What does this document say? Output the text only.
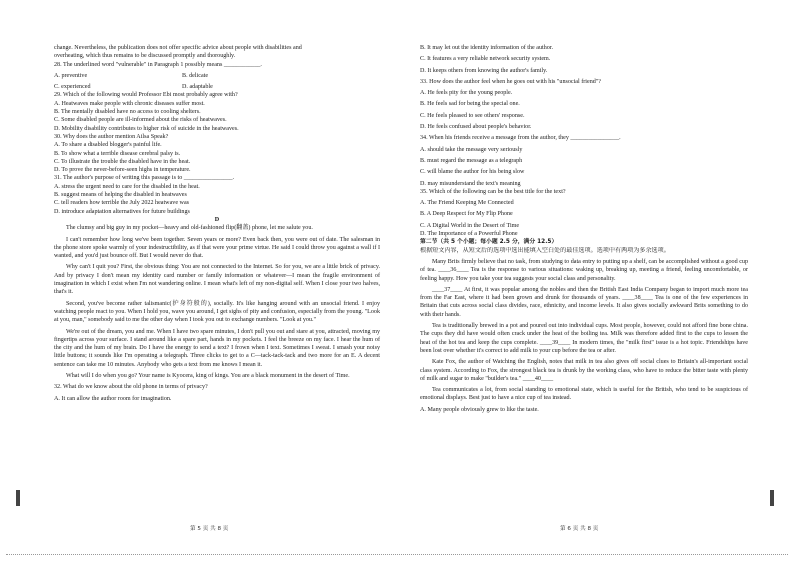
change. Nevertheless, the publication does not offer specific advice about people with disabilities and
overheating, which thus remains to be discussed promptly and thoroughly.
28. The underlined word "vulnerable" in Paragraph 1 possibly means ____________.
A. preventive	B. delicate
C. experienced	D. adaptable
29. Which of the following would Professor Ebi most probably agree with?
A. Heatwaves make people with chronic diseases suffer most.
B. The mentally disabled have no access to cooling shelters.
C. Some disabled people are ill-informed about the risks of heatwaves.
D. Mobility disability contributes to higher risk of suicide in the heatwaves.
30. Why does the author mention Ailsa Speak?
A. To share a disabled blogger's painful life.
B. To show what a terrible disease cerebral palsy is.
C. To illustrate the trouble the disabled have in the heat.
D. To prove the never-before-seen highs in temperature.
31. The author's purpose of writing this passage is to ________________.
A. stress the urgent need to care for the disabled in the heat.
B. suggest means of helping the disabled in heatwaves
C. tell readers how terrible the July 2022 heatwave was
D. introduce adaptation alternatives for future buildings
D
The clumsy and big guy in my pocket—heavy and old-fashioned flip(翻盖) phone, let me salute you.
I can't remember how long we've been together. Seven years or more? Even back then, you were out of date. The salesman in the phone store spoke warmly of your indestructibility, as if that were your prime virtue. He said I could throw you against a wall if I wanted, and you'd just bounce off. But I would never do that.
Why can't I quit you? First, the obvious thing: You are not connected to the Internet. So for you, we are a little brick of privacy. And by privacy I don't mean my identity card number or family information or whatever—I mean the fragile environment of imagination in which I exist when I'm not wandering online. I mean what's left of my non-digital self. When I close your two halves, that's it.
Second, you've become rather talismanic(护身符般的), socially. It's like hanging around with an unsocial friend. I enjoy watching people react to you. When I hold you, wave you around, I get sighs of pity and confusion, especially from the young. "Look at you, man," somebody said to me the other day when I took you out to exchange numbers. "Look at you."
We're out of the dream, you and me. When I have two spare minutes, I don't pull you out and stare at you, attracted, moving my fingertips across your surface. I stand around like a spare part, hands in my pockets. I feel the breeze on my face. I hear the hum of the city and the hum of my brain. Do I have the energy to send a text? I frown when I text. Sometimes I sweat. I smash your noisy little buttons; it sounds like I'm operating a telegraph. Three clicks to get to a C—tack-tack-tack and two more for an E. A decent sentence can take me 10 minutes. Anybody who gets a text from me knows I mean it.
What will I do when you go? Your name is Kyocera, king of kings. You are a black monument in the desert of Time.
32. What do we know about the old phone in terms of privacy?
A. It can allow the author room for imagination.
B. It may let out the identity information of the author.
C. It features a very reliable network security system.
D. It keeps others from knowing the author's family.
33. How does the author feel when he goes out with his "unsocial friend"?
A. He feels pity for the young people.
B. He feels sad for being the special one.
C. He feels pleased to see others' response.
D. He feels confused about people's behavior.
34. When his friends receive a message from the author, they ________________.
A. should take the message very seriously
B. must regard the message as a telegraph
C. will blame the author for his being slow
D. may misunderstand the text's meaning
35. Which of the following can be the best title for the text?
A. The Friend Keeping Me Connected
B. A Deep Respect for My Flip Phone
C. A Digital World in the Desert of Time
D. The Importance of a Powerful Phone
第二节（共 5 个小题；每小题 2.5 分，满分 12.5）
根据短文内容，从短文后的选项中选出能填入空白处的最佳选项。选项中有两项为多余选项。
Many Brits firmly believe that no task, from studying to data entry to putting up a shelf, can be accomplished without a good cup of tea. ____36____ Tea is the response to various situations: waking up, breaking up, meeting a friend, feeling uncomfortable, or feeling happy. How you take your tea suggests your social class and personality.
____37____ At first, it was popular among the nobles and then the British East India Company began to import much more tea from the Far East, where it had been grown and drunk for thousands of years. ____38____ Tea is one of the few experiences in Britain that cuts across social class divides, race, ethnicity, and income levels. It also gives socially awkward Brits something to do with their hands.
Tea is traditionally brewed in a pot and poured out into individual cups. Most people, however, could not afford fine bone china. The cups they did have would often crack under the heat of the boiling tea. Milk was therefore added first to the cups to lessen the heat of the hot tea and keep the cups complete. ____39____ In modern times, the "milk first" issue is a hot topic. Friendships have been lost over whether it's correct to add milk to your cup before the tea or after.
Kate Fox, the author of Watching the English, notes that milk in tea also gives off social clues to Britain's all-important social class system. According to Fox, the strongest black tea is drunk by the working class, who have to reduce the bitter taste with plenty of milk and sugar to make "builder's tea." ____40____
Tea communicates a lot, from social standing to emotional state, which is useful for the British, who tend to be suspicious of emotional displays. Best just to have a nice cup of tea instead.
A. Many people obviously grew to like the taste.
第 5 页 共 8 页	第 6 页 共 8 页
